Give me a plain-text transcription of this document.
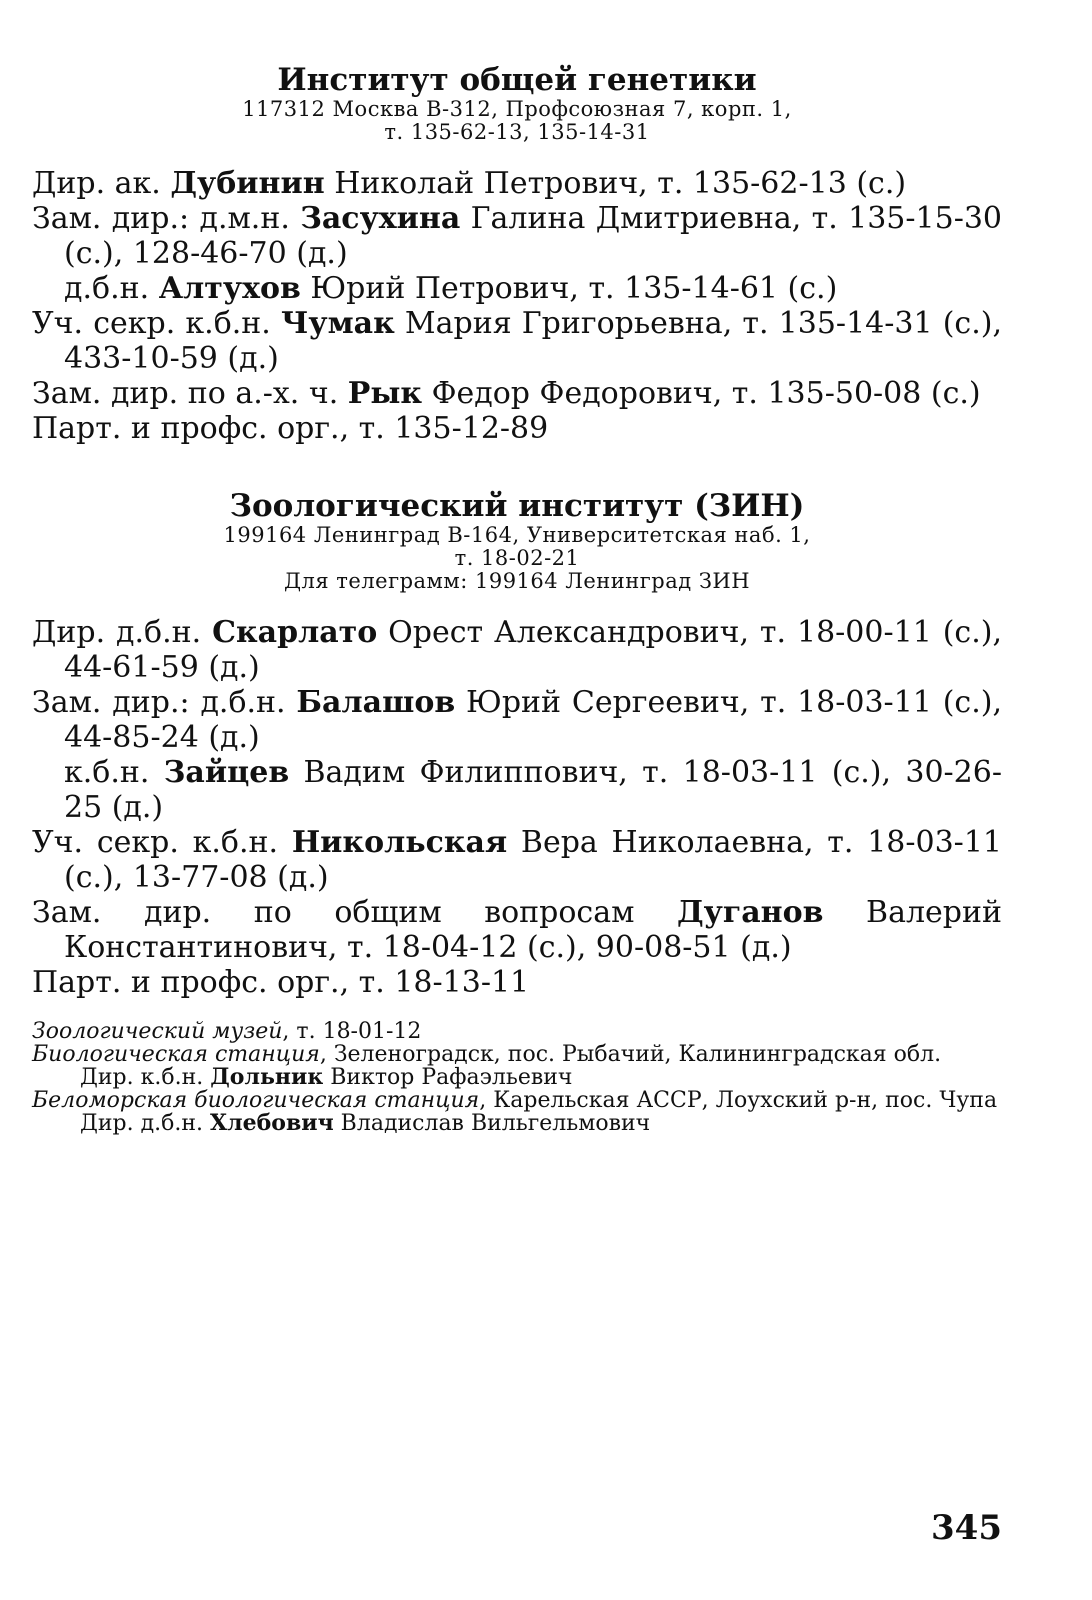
Институт общей генетики

117312 Москва В-312, Профсоюзная 7, корп. 1,

т. 135-62-13, 135-14-31

Дир. ак. Дубинин Николай Петрович, т. 135-62-13 (с.)

Зам. дир.: д.м.н. Засухина Галина Дмитриевна, т. 135-15-30 (с.), 128-46-70 (д.)

д.б.н. Алтухов Юрий Петрович, т. 135-14-61 (с.)

Уч. секр. к.б.н. Чумак Мария Григорьевна, т. 135-14-31 (с.), 433-10-59 (д.)

Зам. дир. по а.-х. ч. Рык Федор Федорович, т. 135-50-08 (с.)

Парт. и профс. орг., т. 135-12-89

Зоологический институт (ЗИН)

199164 Ленинград В-164, Университетская наб. 1,

т. 18-02-21

Для телеграмм: 199164 Ленинград ЗИН

Дир. д.б.н. Скарлато Орест Александрович, т. 18-00-11 (с.), 44-61-59 (д.)

Зам. дир.: д.б.н. Балашов Юрий Сергеевич, т. 18-03-11 (с.), 44-85-24 (д.)

к.б.н. Зайцев Вадим Филиппович, т. 18-03-11 (с.), 30-26-25 (д.)

Уч. секр. к.б.н. Никольская Вера Николаевна, т. 18-03-11 (с.), 13-77-08 (д.)

Зам. дир. по общим вопросам Дуганов Валерий Константинович, т. 18-04-12 (с.), 90-08-51 (д.)

Парт. и профс. орг., т. 18-13-11

Зоологический музей, т. 18-01-12

Биологическая станция, Зеленоградск, пос. Рыбачий, Калининградская обл.

Дир. к.б.н. Дольник Виктор Рафаэльевич

Беломорская биологическая станция, Карельская АССР, Лоухский р-н, пос. Чупа

Дир. д.б.н. Хлебович Владислав Вильгельмович

345
